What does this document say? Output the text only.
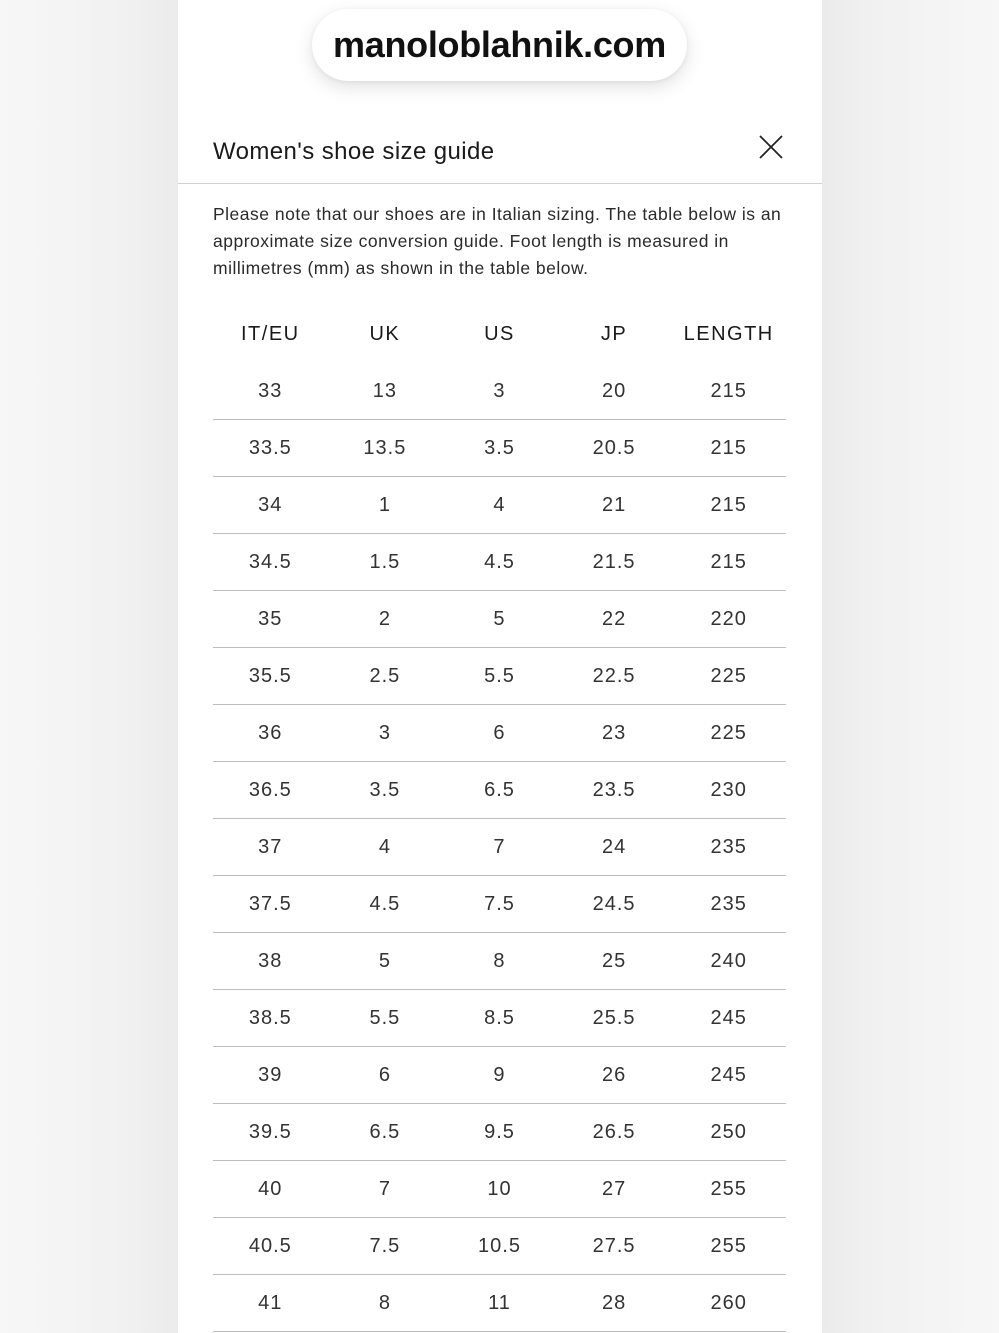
manoloblahnik.com
Women's shoe size guide

Please note that our shoes are in Italian sizing. The table below is an approximate size conversion guide. Foot length is measured in millimetres (mm) as shown in the table below.

IT/EU	UK	US	JP	LENGTH
33	13	3	20	215
33.5	13.5	3.5	20.5	215
34	1	4	21	215
34.5	1.5	4.5	21.5	215
35	2	5	22	220
35.5	2.5	5.5	22.5	225
36	3	6	23	225
36.5	3.5	6.5	23.5	230
37	4	7	24	235
37.5	4.5	7.5	24.5	235
38	5	8	25	240
38.5	5.5	8.5	25.5	245
39	6	9	26	245
39.5	6.5	9.5	26.5	250
40	7	10	27	255
40.5	7.5	10.5	27.5	255
41	8	11	28	260
